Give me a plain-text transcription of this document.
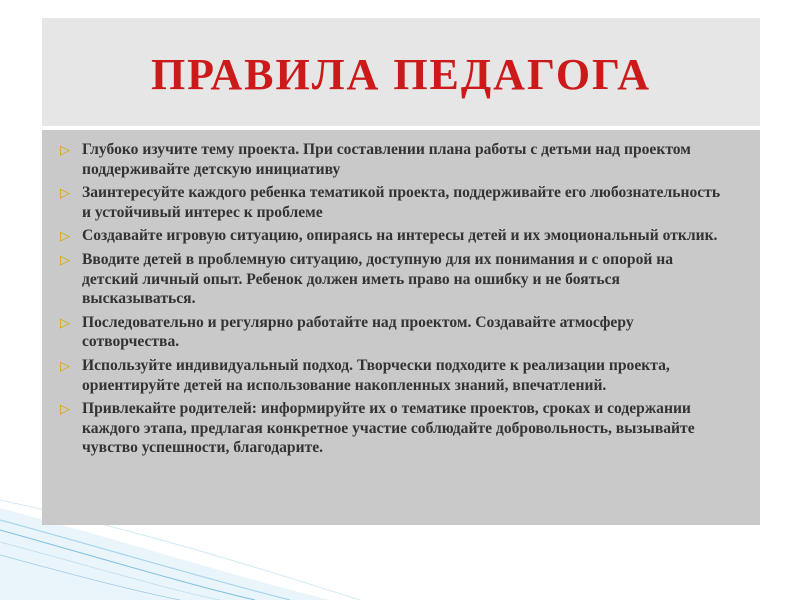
ПРАВИЛА ПЕДАГОГА
▷ Глубоко изучите тему проекта. При составлении плана работы с детьми над проектом поддерживайте детскую инициативу
▷ Заинтересуйте каждого ребенка тематикой проекта, поддерживайте его любознательность и устойчивый интерес к проблеме
▷ Создавайте игровую ситуацию, опираясь на интересы детей и их эмоциональный отклик.
▷ Вводите детей в проблемную ситуацию, доступную для их понимания и с опорой на детский личный опыт. Ребенок должен иметь право на ошибку и не бояться высказываться.
▷ Последовательно и регулярно работайте над проектом. Создавайте атмосферу сотворчества.
▷ Используйте индивидуальный подход. Творчески подходите к реализации проекта, ориентируйте детей на использование накопленных знаний, впечатлений.
▷ Привлекайте родителей: информируйте их о тематике проектов, сроках и содержании каждого этапа, предлагая конкретное участие соблюдайте добровольность, вызывайте чувство успешности, благодарите.
